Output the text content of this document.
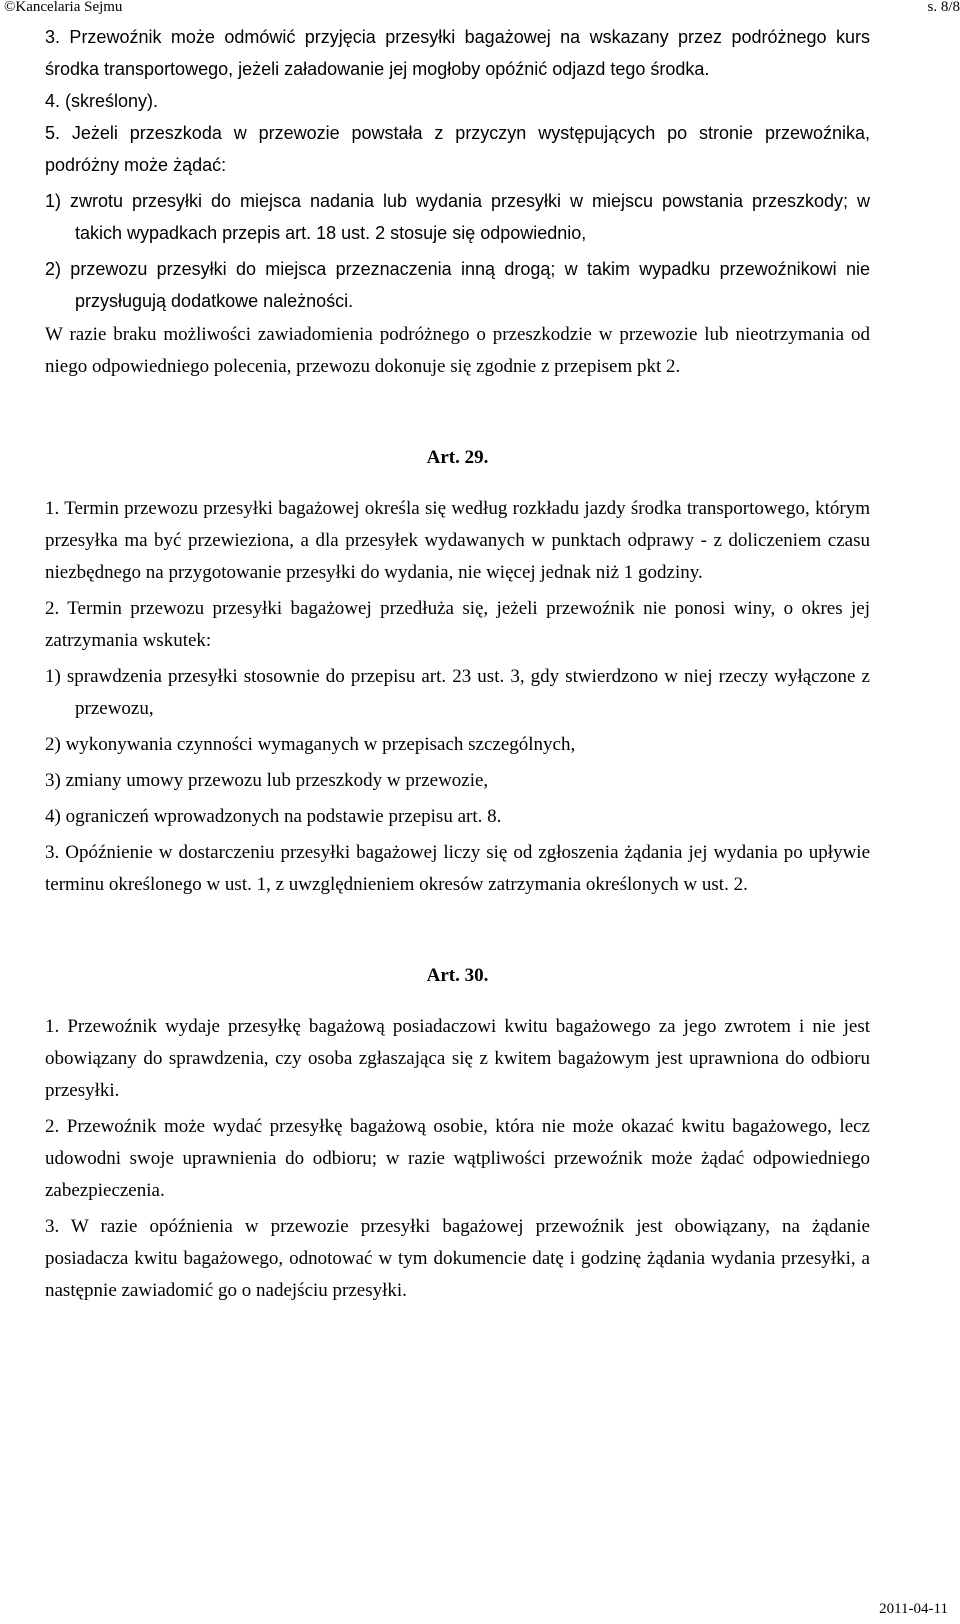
©Kancelaria Sejmu	s. 8/8

3. Przewoźnik może odmówić przyjęcia przesyłki bagażowej na wskazany przez podróżnego kurs środka transportowego, jeżeli załadowanie jej mogłoby opóźnić odjazd tego środka.

4. (skreślony).

5. Jeżeli przeszkoda w przewozie powstała z przyczyn występujących po stronie przewoźnika, podróżny może żądać:

1) zwrotu przesyłki do miejsca nadania lub wydania przesyłki w miejscu powstania przeszkody; w takich wypadkach przepis art. 18 ust. 2 stosuje się odpowiednio,

2) przewozu przesyłki do miejsca przeznaczenia inną drogą; w takim wypadku przewoźnikowi nie przysługują dodatkowe należności.

W razie braku możliwości zawiadomienia podróżnego o przeszkodzie w przewozie lub nieotrzymania od niego odpowiedniego polecenia, przewozu dokonuje się zgodnie z przepisem pkt 2.

Art. 29.

1. Termin przewozu przesyłki bagażowej określa się według rozkładu jazdy środka transportowego, którym przesyłka ma być przewieziona, a dla przesyłek wydawanych w punktach odprawy - z doliczeniem czasu niezbędnego na przygotowanie przesyłki do wydania, nie więcej jednak niż 1 godziny.

2. Termin przewozu przesyłki bagażowej przedłuża się, jeżeli przewoźnik nie ponosi winy, o okres jej zatrzymania wskutek:

1) sprawdzenia przesyłki stosownie do przepisu art. 23 ust. 3, gdy stwierdzono w niej rzeczy wyłączone z przewozu,

2) wykonywania czynności wymaganych w przepisach szczególnych,

3) zmiany umowy przewozu lub przeszkody w przewozie,

4) ograniczeń wprowadzonych na podstawie przepisu art. 8.

3. Opóźnienie w dostarczeniu przesyłki bagażowej liczy się od zgłoszenia żądania jej wydania po upływie terminu określonego w ust. 1, z uwzględnieniem okresów zatrzymania określonych w ust. 2.

Art. 30.

1. Przewoźnik wydaje przesyłkę bagażową posiadaczowi kwitu bagażowego za jego zwrotem i nie jest obowiązany do sprawdzenia, czy osoba zgłaszająca się z kwitem bagażowym jest uprawniona do odbioru przesyłki.

2. Przewoźnik może wydać przesyłkę bagażową osobie, która nie może okazać kwitu bagażowego, lecz udowodni swoje uprawnienia do odbioru; w razie wątpliwości przewoźnik może żądać odpowiedniego zabezpieczenia.

3. W razie opóźnienia w przewozie przesyłki bagażowej przewoźnik jest obowiązany, na żądanie posiadacza kwitu bagażowego, odnotować w tym dokumencie datę i godzinę żądania wydania przesyłki, a następnie zawiadomić go o nadejściu przesyłki.

2011-04-11
